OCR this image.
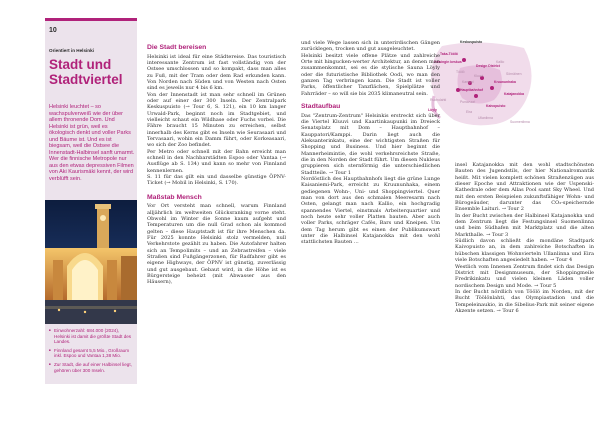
10
Orientiert in Helsinki
Stadt und Stadtviertel

Helsinki leuchtet – so wachspulverweiß wie der über allem thronende Dom. Und Helsinki ist grün, weil es ökologisch denkt und voller Parks und Bäume ist. Und es ist biegsam, weil die Ostsee die Innenstadt-Halbinsel sanft umarmt. Wer die finnische Metropole nur aus den etwas depressiven Filmen von Aki Kaurismäki kennt, der wird verblüfft sein.

■ Einwohnerzahl: 684.000 (2024), Helsinki ist damit die größte Stadt des Landes.
■ Finnland gesamt 5,5 Mio., Großraum inkl. Espoo und Vantaa 1,38 Mio.
■ Zur Stadt, die auf einer Halbinsel liegt, gehören über 300 Inseln.
Keskuspuisto
Taka-Töölö
Helsingin keskus	Kallio
Sörnäinen
Töölö
Kluuvi
Kruununhaka
Katajanokka
Kamppi
Hauptbahnhof
Kaivopuisto
Eira
Ullanlinna
Punavuori
Design District
Löyly
Ruoholahti
Suomenlinna
Die Stadt bereisen

Helsinki ist ideal für eine Städtereise. Das touristisch interessante Zentrum ist fast vollständig von der Ostsee umschlossen und so kompakt, dass man alles zu Fuß, mit der Tram oder dem Rad erkunden kann. Von Norden nach Süden und von Westen nach Osten sind es jeweils nur 4 bis 6 km.

Von der Innenstadt ist man sehr schnell im Grünen oder auf einer der 300 Inseln. Der Zentralpark Keskuspuisto (→ Tour 6, S. 121), ein 10 km langer Urwald-Park, beginnt noch im Stadtgebiet, und vielleicht schaut ein Wildhase oder Fuchs vorbei. Die Fähre braucht 15 Minuten zu erreichen, selbst innerhalb des Kerns gibt es Inseln wie Seurasaari und Tervasaari, wohin ein Damm führt, oder Korkeasaari, wo sich der Zoo befindet.

Per Metro oder schnell mit der Bahn erreicht man schnell in den Nachbarstädten Espoo oder Vantaa (→ Ausflüge ab S. 134) und kann so mehr von Finnland kennenlernen.

S. 11 für das gilt ein und dasselbe günstige ÖPNV-Ticket (→ Mobil in Helsinki, S. 170).

Maßstab Mensch

Vor Ort versteht man schnell, warum Finnland alljährlich im weltweiten Glücksranking vorne steht. Obwohl im Winter die Sonne kaum aufgeht und Temperaturen um die null Grad schon als kommod gelten – diese Hauptstadt ist für ihre Menschen da. Für 2025 konnte Helsinki stolz vermelden, null Verkehrstote gezählt zu haben. Die Autofahrer halten sich an Tempolimits – und an Zebrastreifen – viele Straßen sind Fußgängerzonen, für Radfahrer gibt es eigene Highways, der ÖPNV ist günstig, zuverlässig und gut ausgebaut. Gebaut wird, in die Höhe ist es Bürgersteige beheizt (mit Abwasser aus den Häusern),

und viele Wege lassen sich in unterirdischen Gängen zurücklegen, trocken und gut ausgeleuchtet.

Helsinki besitzt viele offene Plätze und zahlreiche Orte mit hingucken-werter Architektur, an denen man zusammenkommt, sei es die stylische Sauna Löyly oder die futuristische Bibliothek Oodi, wo man den ganzen Tag verbringen kann. Die Stadt ist voller Parks, öffentlicher Tanzflächen, Spielplätze und Fahrräder – so will sie bis 2035 klimaneutral sein.

Stadtaufbau

Das "Zentrum-Zentrum" Helsinkis erstreckt sich über die Viertel Kluuvi und Kaartinkaupunki im Dreieck Senatsplatz mit Dom – Hauptbahnhof – Kauppatori/Kamppi. Darin liegt auch die Aleksanterinkatu, eine der wichtigsten Straßen für Shopping und Business. Und hier beginnt die Mannerheimintie, die wohl verkehrsreichste Straße, die in den Norden der Stadt führt. Um diesen Nukleus gruppieren sich sternförmig die unterschiedlichen Stadtteile. → Tour 1

Nordöstlich des Hauptbahnhofs liegt die grüne Lunge Kaisaniemi-Park, erreicht zu Kruununhaka, einem gediegenen Wohn-, Uni- und Shoppingviertel. Quer man von dort aus den schmalen Meeresarm nach Osten, gelangt man nach Kallio, ein hochgradig spannendes Viertel, einstmals Arbeiterquartier und noch heute sehr voller Platten bauten. Aber auch voller Parks, schräger Cafés, Bars und Kneipen. Um dem Tag herum gibt es einen der Publikumswart unter die Halbinsel Katajanokka mit den wohl stattlichsten Bauten …

insel Katajanokka mit den wohl stadtschönsten Bauten des Jugendstils, der hier Nationalromantik heißt. Mit vielen komplett schönen Straßenzügen aus dieser Epoche und Attraktionen wie der Uspenski-Kathedrale oder dem Allas Pool samt Sky Wheel. Und mit den ersten Beispielen zukunftsfähiger Wohn- und Bürogeäuder, darunter das CO₂-speichernde Ensemble Laituri. → Tour 2

In der Bucht zwischen der Halbinsel Katajanokka und dem Zentrum liegt die Festungsinsel Suomenlinna und beim Südhafen mit Marktplatz und die alten Markthalle. → Tour 3

Südlich davon schließt die mondäne Stadtpark Kaivopuisto an, in dem zahlreiche Botschaften in hübschen klassigen Wohnvierteln Ullanlinna und Eira viele Botschaften angesiedelt haben. → Tour 4

Westlich vom Innenen Zentrum findet sich das Design District mit Designmuseum, der Shoppingmeile Fredrikinkatu und vielen kleinen Läden voller nordischem Design und Mode. → Tour 5

In der Bucht nördlich von Töölö im Norden, mit der Bucht Töölönlahti, das Olympiastadion und die Tempeleinaukio, in die Sibelius-Park mit seiner eigene Akzente setzen. → Tour 6
